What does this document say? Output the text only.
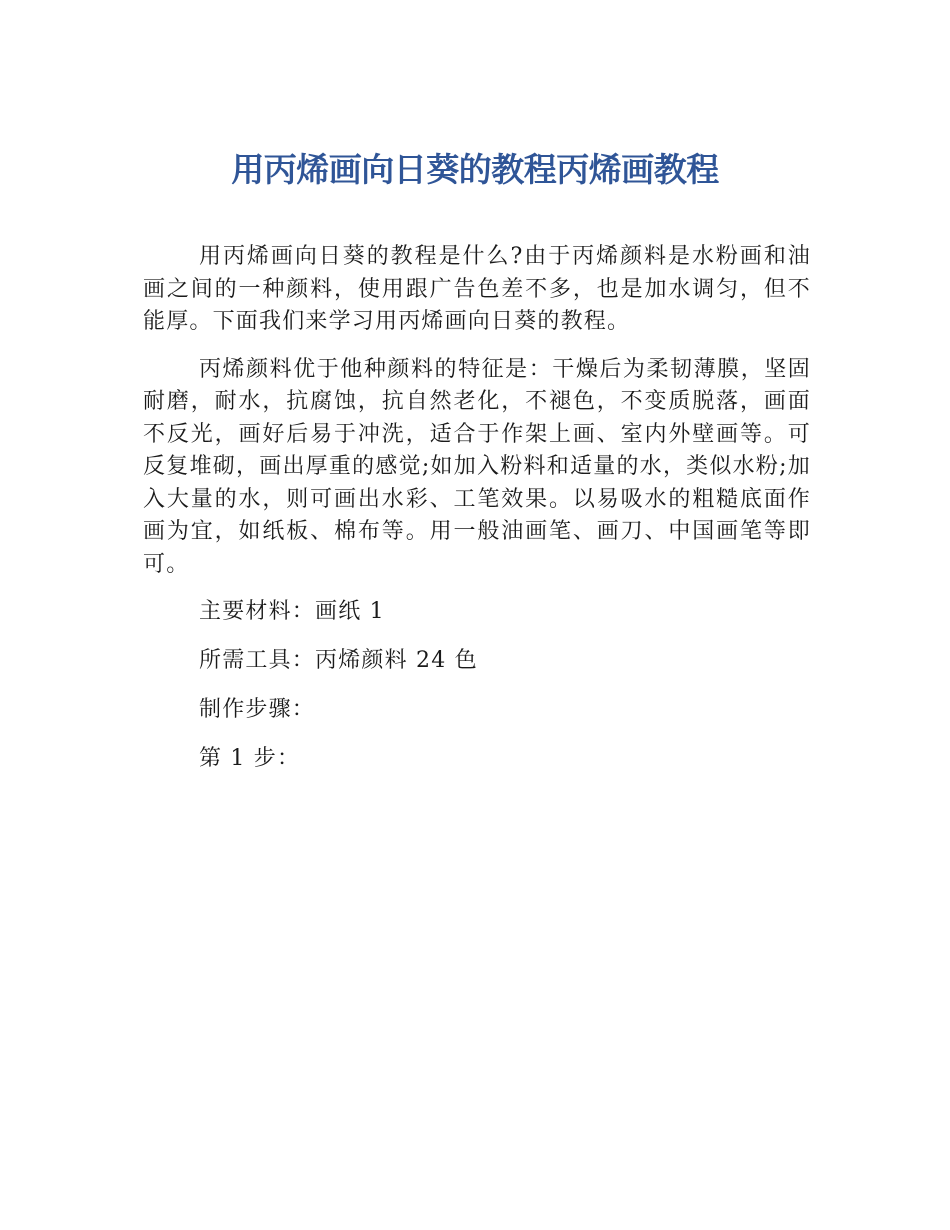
用丙烯画向日葵的教程丙烯画教程

用丙烯画向日葵的教程是什么?由于丙烯颜料是水粉画和油画之间的一种颜料，使用跟广告色差不多，也是加水调匀，但不能厚。下面我们来学习用丙烯画向日葵的教程。

丙烯颜料优于他种颜料的特征是：干燥后为柔韧薄膜，坚固耐磨，耐水，抗腐蚀，抗自然老化，不褪色，不变质脱落，画面不反光，画好后易于冲洗，适合于作架上画、室内外壁画等。可反复堆砌，画出厚重的感觉;如加入粉料和适量的水，类似水粉;加入大量的水，则可画出水彩、工笔效果。以易吸水的粗糙底面作画为宜，如纸板、棉布等。用一般油画笔、画刀、中国画笔等即可。

主要材料：画纸 1

所需工具：丙烯颜料 24 色

制作步骤：

第 1 步：
